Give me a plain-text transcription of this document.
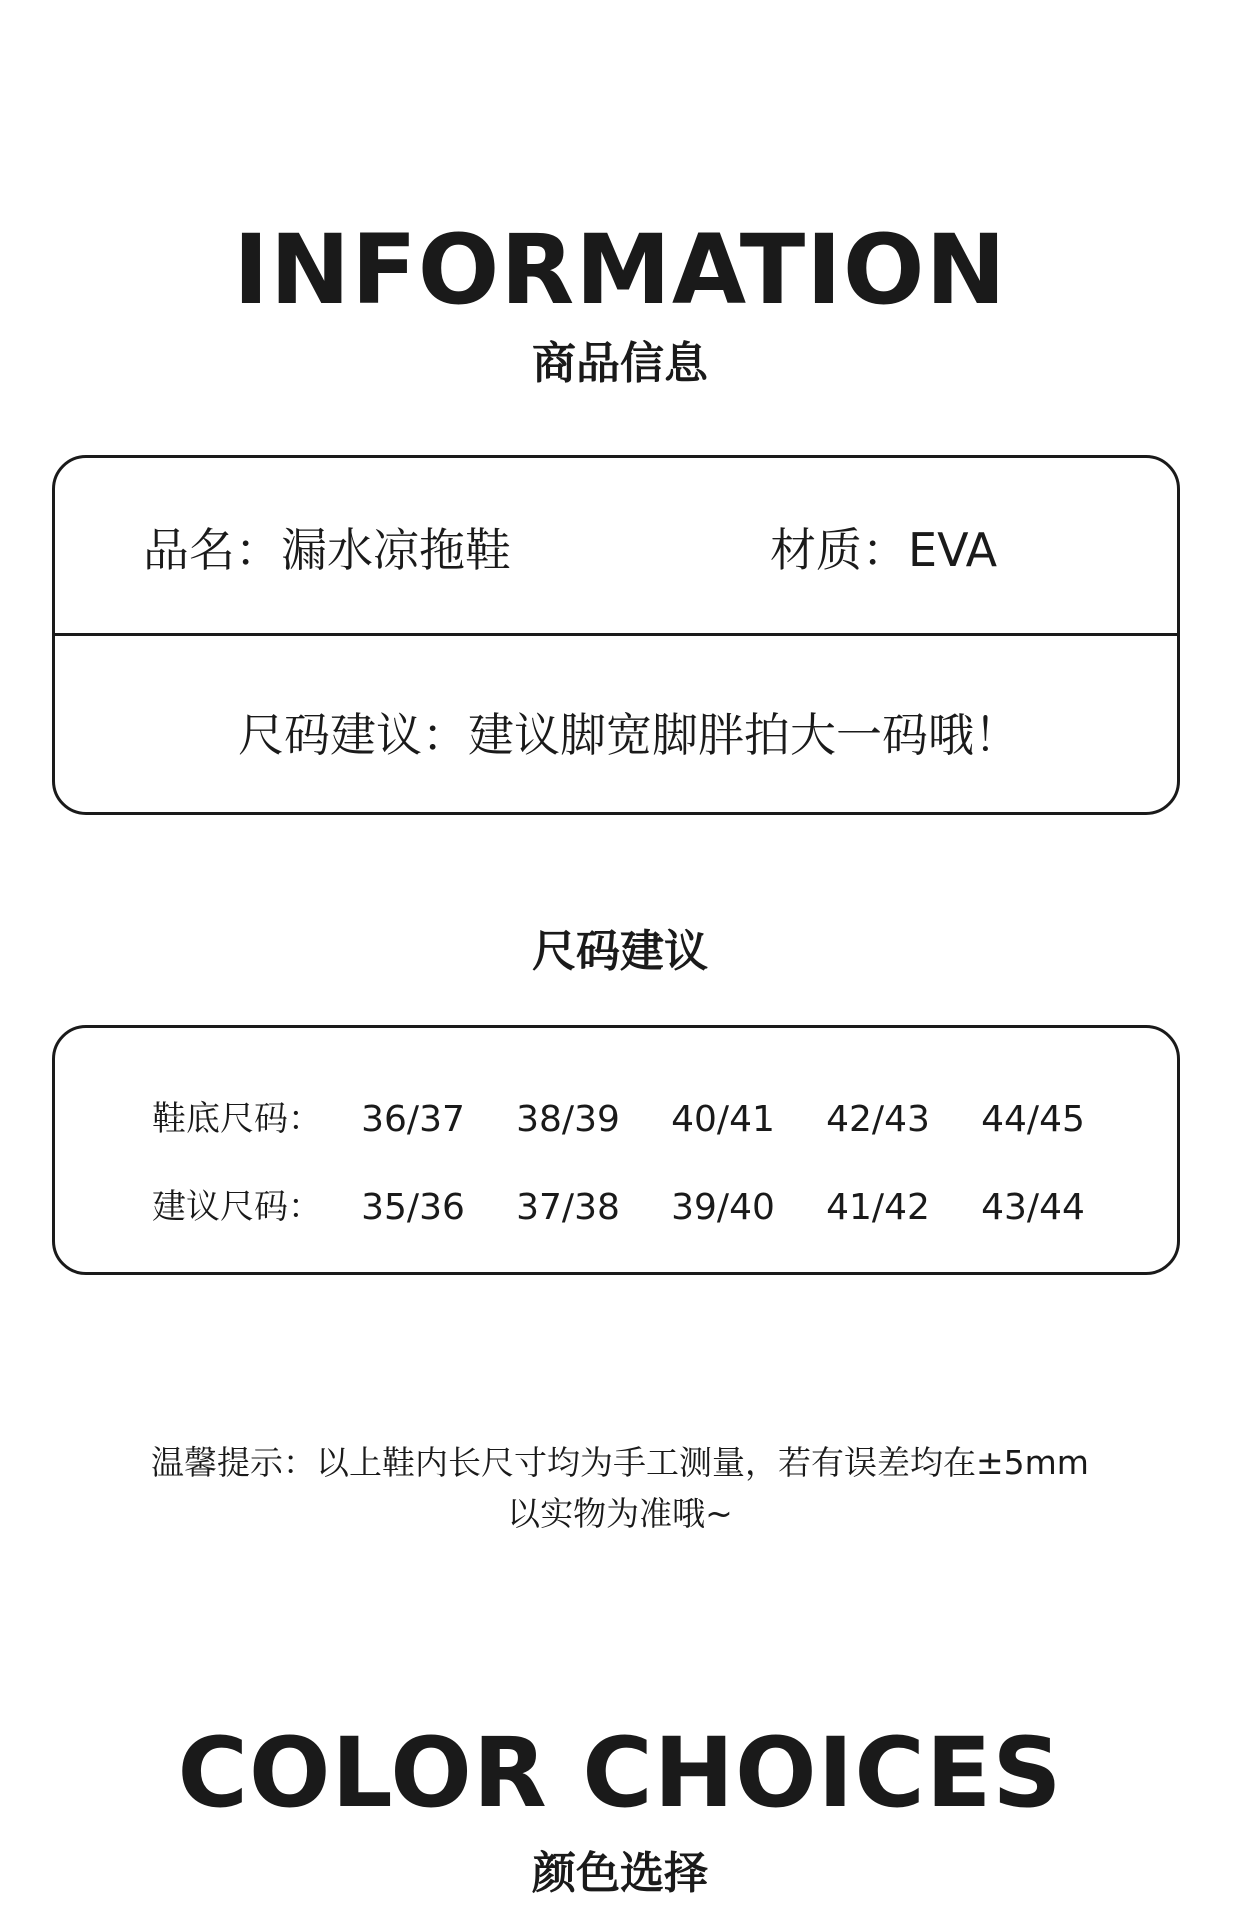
INFORMATION
商品信息
品名：漏水凉拖鞋	材质：EVA
尺码建议：建议脚宽脚胖拍大一码哦！
尺码建议
鞋底尺码：	36/37	38/39	40/41	42/43	44/45
建议尺码：	35/36	37/38	39/40	41/42	43/44
温馨提示：以上鞋内长尺寸均为手工测量，若有误差均在±5mm
以实物为准哦~
COLOR CHOICES
颜色选择
